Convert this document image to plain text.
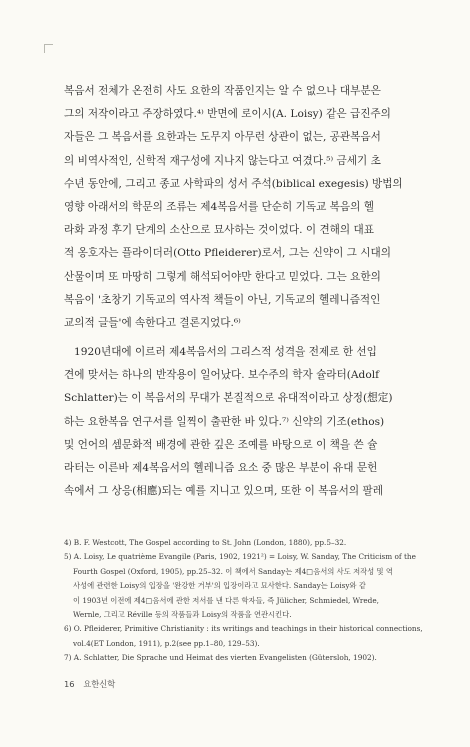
복음서 전체가 온전히 사도 요한의 작품인지는 알 수 없으나 대부분은
그의 저작이라고 주장하였다.⁴⁾ 반면에 로이시(A. Loisy) 같은 급진주의
자들은 그 복음서를 요한과는 도무지 아무런 상관이 없는, 공관복음서
의 비역사적인, 신학적 재구성에 지나지 않는다고 여겼다.⁵⁾ 금세기 초
수년 동안에, 그리고 종교 사학파의 성서 주석(biblical exegesis) 방법의
영향 아래서의 학문의 조류는 제4복음서를 단순히 기독교 복음의 헬
라화 과정 후기 단계의 소산으로 묘사하는 것이었다. 이 견해의 대표
적 옹호자는 플라이더러(Otto Pfleiderer)로서, 그는 신약이 그 시대의
산물이며 또 마땅히 그렇게 해석되어야만 한다고 믿었다. 그는 요한의
복음이 '초창기 기독교의 역사적 책들이 아닌, 기독교의 헬레니즘적인
교의적 글들'에 속한다고 결론지었다.⁶⁾
1920년대에 이르러 제4복음서의 그리스적 성격을 전제로 한 선입
견에 맞서는 하나의 반작용이 일어났다. 보수주의 학자 슐라터(Adolf
Schlatter)는 이 복음서의 무대가 본질적으로 유대적이라고 상정(想定)
하는 요한복음 연구서를 일찍이 출판한 바 있다.⁷⁾ 신약의 기조(ethos)
및 언어의 셈문화적 배경에 관한 깊은 조예를 바탕으로 이 책을 쓴 슐
라터는 이른바 제4복음서의 헬레니즘 요소 중 많은 부분이 유대 문헌
속에서 그 상응(相應)되는 예를 지니고 있으며, 또한 이 복음서의 팔레
4) B. F. Westcott, The Gospel according to St. John (London, 1880), pp.5–32.
5) A. Loisy, Le quatrième Evangile (Paris, 1902, 1921²) = Loisy, W. Sanday, The Criticism of the
Fourth Gospel (Oxford, 1905), pp.25–32. 이 책에서 Sanday는 제4□음서의 사도 저작성 및 역
사성에 관련한 Loisy의 입장을 '완강한 거부'의 입장이라고 묘사한다. Sanday는 Loisy와 같
이 1903년 이전에 제4□음서에 관한 저서를 낸 다른 학자들, 즉 Jülicher, Schmiedel, Wrede,
Wernle, 그리고 Réville 등의 작품들과 Loisy의 작품을 연관시킨다.
6) O. Pfleiderer, Primitive Christianity : its writings and teachings in their historical connections,
vol.4(ET London, 1911), p.2(see pp.1–80, 129–53).
7) A. Schlatter, Die Sprache und Heimat des vierten Evangelisten (Gütersloh, 1902).
16 요한신학
